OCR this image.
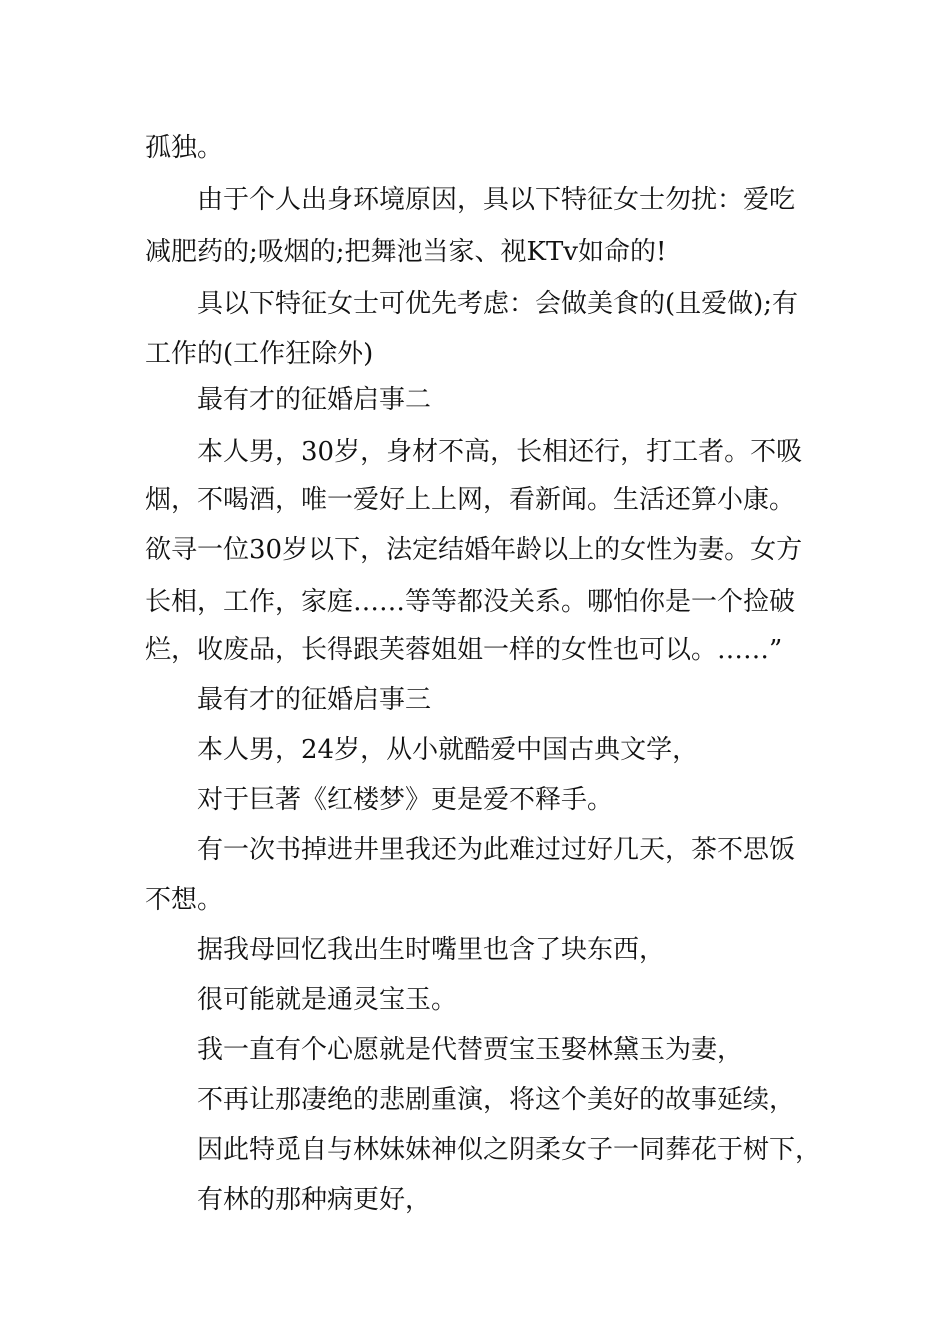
孤独。
由于个人出身环境原因，具以下特征女士勿扰：爱吃
减肥药的;吸烟的;把舞池当家、视KTv如命的!
具以下特征女士可优先考虑：会做美食的(且爱做);有
工作的(工作狂除外)
最有才的征婚启事二
本人男，30岁，身材不高，长相还行，打工者。不吸
烟，不喝酒，唯一爱好上上网，看新闻。生活还算小康。
欲寻一位30岁以下，法定结婚年龄以上的女性为妻。女方
长相，工作，家庭……等等都没关系。哪怕你是一个捡破
烂，收废品，长得跟芙蓉姐姐一样的女性也可以。……”
最有才的征婚启事三
本人男，24岁，从小就酷爱中国古典文学，
对于巨著《红楼梦》更是爱不释手。
有一次书掉进井里我还为此难过过好几天，茶不思饭
不想。
据我母回忆我出生时嘴里也含了块东西，
很可能就是通灵宝玉。
我一直有个心愿就是代替贾宝玉娶林黛玉为妻，
不再让那凄绝的悲剧重演，将这个美好的故事延续，
因此特觅自与林妹妹神似之阴柔女子一同葬花于树下，
有林的那种病更好，
